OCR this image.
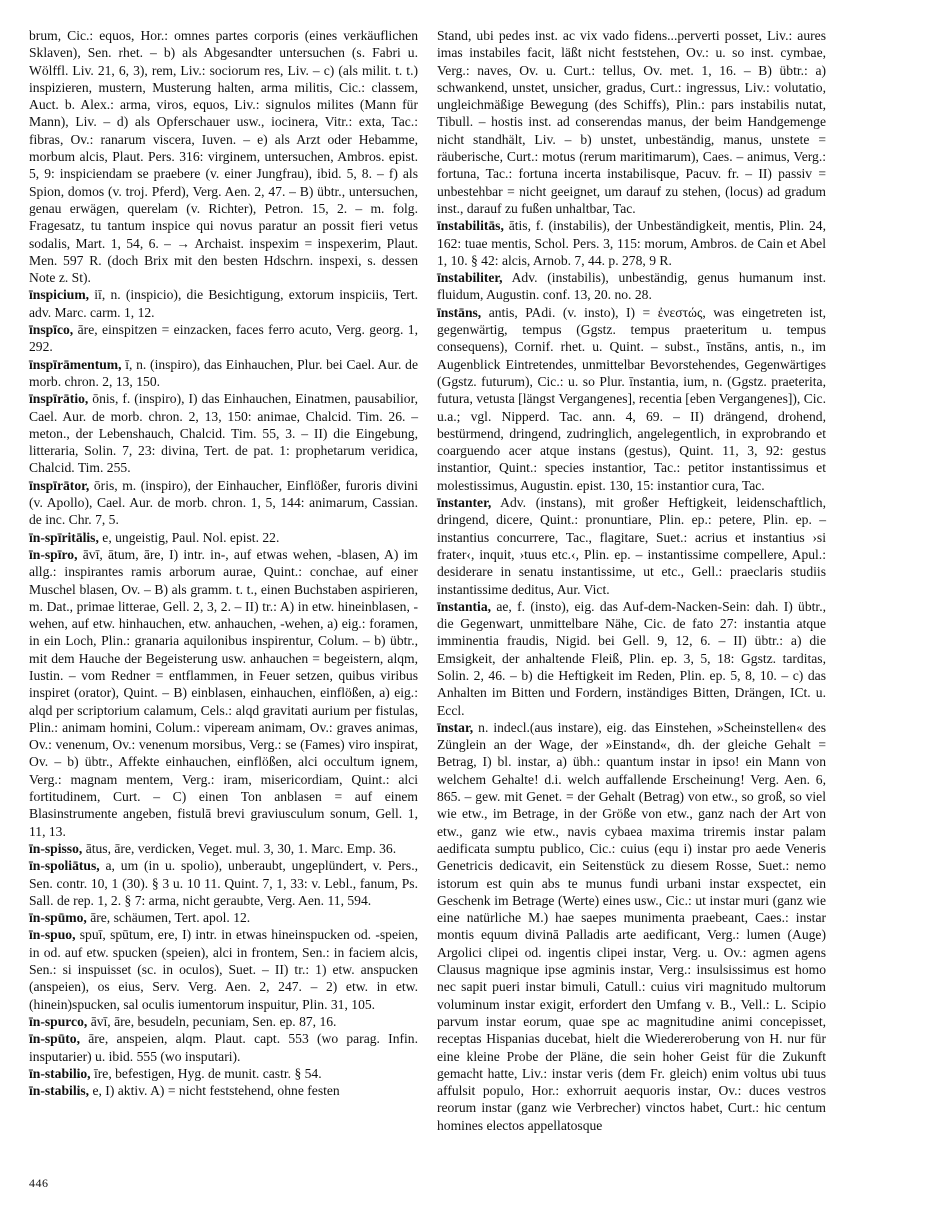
brum, Cic.: equos, Hor.: omnes partes corporis (eines verkäuflichen Sklaven), Sen. rhet. – b) als Abgesandter untersuchen (s. Fabri u. Wölffl. Liv. 21, 6, 3), rem, Liv.: sociorum res, Liv. – c) (als milit. t. t.) inspizieren, mustern, Musterung halten, arma militis, Cic.: classem, Auct. b. Alex.: arma, viros, equos, Liv.: signulos milites (Mann für Mann), Liv. – d) als Opferschauer usw., iocinera, Vitr.: exta, Tac.: fibras, Ov.: ranarum viscera, Iuven. – e) als Arzt oder Hebamme, morbum alcis, Plaut. Pers. 316: virginem, untersuchen, Ambros. epist. 5, 9: inspiciendam se praebere (v. einer Jungfrau), ibid. 5, 8. – f) als Spion, domos (v. troj. Pferd), Verg. Aen. 2, 47. – B) übtr., untersuchen, genau erwägen, querelam (v. Richter), Petron. 15, 2. – m. folg. Fragesatz, tu tantum inspice qui novus paratur an possit fieri vetus sodalis, Mart. 1, 54, 6. – → Archaist. inspexim = inspexerim, Plaut. Men. 597 R. (doch Brix mit den besten Hdschrn. inspexi, s. dessen Note z. St).

īnspicium, iī, n. (inspicio), die Besichtigung, extorum inspiciis, Tert. adv. Marc. carm. 1, 12.

īnspīco, āre, einspitzen = einzacken, faces ferro acuto, Verg. georg. 1, 292.

īnspīrāmentum, ī, n. (inspiro), das Einhauchen, Plur. bei Cael. Aur. de morb. chron. 2, 13, 150.

īnspīrātio, ōnis, f. (inspiro), I) das Einhauchen, Einatmen, pausabilior, Cael. Aur. de morb. chron. 2, 13, 150: animae, Chalcid. Tim. 26. – meton., der Lebenshauch, Chalcid. Tim. 55, 3. – II) die Eingebung, litteraria, Solin. 7, 23: divina, Tert. de pat. 1: prophetarum veridica, Chalcid. Tim. 255.

īnspīrātor, ōris, m. (inspiro), der Einhaucher, Einflößer, furoris divini (v. Apollo), Cael. Aur. de morb. chron. 1, 5, 144: animarum, Cassian. de inc. Chr. 7, 5.

īn-spīritālis, e, ungeistig, Paul. Nol. epist. 22.

īn-spīro, āvī, ātum, āre, I) intr. in-, auf etwas wehen, -blasen, A) im allg.: inspirantes ramis arborum aurae, Quint.: conchae, auf einer Muschel blasen, Ov. – B) als gramm. t. t., einen Buchstaben aspirieren, m. Dat., primae litterae, Gell. 2, 3, 2. – II) tr.: A) in etw. hineinblasen, -wehen, auf etw. hinhauchen, etw. anhauchen, -wehen, a) eig.: foramen, in ein Loch, Plin.: granaria aquilonibus inspirentur, Colum. – b) übtr., mit dem Hauche der Begeisterung usw. anhauchen = begeistern, alqm, Iustin. – vom Redner = entflammen, in Feuer setzen, quibus viribus inspiret (orator), Quint. – B) einblasen, einhauchen, einflößen, a) eig.: alqd per scriptorium calamum, Cels.: alqd gravitati aurium per fistulas, Plin.: animam homini, Colum.: vipeream animam, Ov.: graves animas, Ov.: venenum, Ov.: venenum morsibus, Verg.: se (Fames) viro inspirat, Ov. – b) übtr., Affekte einhauchen, einflößen, alci occultum ignem, Verg.: magnam mentem, Verg.: iram, misericordiam, Quint.: alci fortitudinem, Curt. – C) einen Ton anblasen = auf einem Blasinstrumente angeben, fistulā brevi graviusculum sonum, Gell. 1, 11, 13.

īn-spisso, ātus, āre, verdicken, Veget. mul. 3, 30, 1. Marc. Emp. 36.

īn-spoliātus, a, um (in u. spolio), unberaubt, ungeplündert, v. Pers., Sen. contr. 10, 1 (30). § 3 u. 10 11. Quint. 7, 1, 33: v. Lebl., fanum, Ps. Sall. de rep. 1, 2. § 7: arma, nicht geraubte, Verg. Aen. 11, 594.

īn-spūmo, āre, schäumen, Tert. apol. 12.

īn-spuo, spuī, spūtum, ere, I) intr. in etwas hineinspucken od. -speien, in od. auf etw. spucken (speien), alci in frontem, Sen.: in faciem alcis, Sen.: si inspuisset (sc. in oculos), Suet. – II) tr.: 1) etw. anspucken (anspeien), os eius, Serv. Verg. Aen. 2, 247. – 2) etw. in etw. (hinein)spucken, sal oculis iumentorum inspuitur, Plin. 31, 105.

īn-spurco, āvī, āre, besudeln, pecuniam, Sen. ep. 87, 16.

īn-spūto, āre, anspeien, alqm. Plaut. capt. 553 (wo parag. Infin. insputarier) u. ibid. 555 (wo insputari).

īn-stabilio, īre, befestigen, Hyg. de munit. castr. § 54.

īn-stabilis, e, I) aktiv. A) = nicht feststehend, ohne festen

Stand, ubi pedes inst. ac vix vado fidens...perverti posset, Liv.: aures imas instabiles facit, läßt nicht feststehen, Ov.: u. so inst. cymbae, Verg.: naves, Ov. u. Curt.: tellus, Ov. met. 1, 16. – B) übtr.: a) schwankend, unstet, unsicher, gradus, Curt.: ingressus, Liv.: volutatio, ungleichmäßige Bewegung (des Schiffs), Plin.: pars instabilis nutat, Tibull. – hostis inst. ad conserendas manus, der beim Handgemenge nicht standhält, Liv. – b) unstet, unbeständig, manus, unstete = räuberische, Curt.: motus (rerum maritimarum), Caes. – animus, Verg.: fortuna, Tac.: fortuna incerta instabilisque, Pacuv. fr. – II) passiv = unbestehbar = nicht geeignet, um darauf zu stehen, (locus) ad gradum inst., darauf zu fußen unhaltbar, Tac.

īnstabilitās, ātis, f. (instabilis), der Unbeständigkeit, mentis, Plin. 24, 162: tuae mentis, Schol. Pers. 3, 115: morum, Ambros. de Cain et Abel 1, 10. § 42: alcis, Arnob. 7, 44. p. 278, 9 R.

īnstabiliter, Adv. (instabilis), unbeständig, genus humanum inst. fluidum, Augustin. conf. 13, 20. no. 28.

īnstāns, antis, PAdi. (v. insto), I) = ἐνεστώς, was eingetreten ist, gegenwärtig, tempus (Ggstz. tempus praeteritum u. tempus consequens), Cornif. rhet. u. Quint. – subst., īnstāns, antis, n., im Augenblick Eintretendes, unmittelbar Bevorstehendes, Gegenwärtiges (Ggstz. futurum), Cic.: u. so Plur. īnstantia, ium, n. (Ggstz. praeterita, futura, vetusta [längst Vergangenes], recentia [eben Vergangenes]), Cic. u.a.; vgl. Nipperd. Tac. ann. 4, 69. – II) drängend, drohend, bestürmend, dringend, zudringlich, angelegentlich, in exprobrando et coarguendo acer atque instans (gestus), Quint. 11, 3, 92: gestus instantior, Quint.: species instantior, Tac.: petitor instantissimus et molestissimus, Augustin. epist. 130, 15: instantior cura, Tac.

īnstanter, Adv. (instans), mit großer Heftigkeit, leidenschaftlich, dringend, dicere, Quint.: pronuntiare, Plin. ep.: petere, Plin. ep. – instantius concurrere, Tac., flagitare, Suet.: acrius et instantius ›si frater‹, inquit, ›tuus etc.‹, Plin. ep. – instantissime compellere, Apul.: desiderare in senatu instantissime, ut etc., Gell.: praeclaris studiis instantissime deditus, Aur. Vict.

īnstantia, ae, f. (insto), eig. das Auf-dem-Nacken-Sein: dah. I) übtr., die Gegenwart, unmittelbare Nähe, Cic. de fato 27: instantia atque imminentia fraudis, Nigid. bei Gell. 9, 12, 6. – II) übtr.: a) die Emsigkeit, der anhaltende Fleiß, Plin. ep. 3, 5, 18: Ggstz. tarditas, Solin. 2, 46. – b) die Heftigkeit im Reden, Plin. ep. 5, 8, 10. – c) das Anhalten im Bitten und Fordern, inständiges Bitten, Drängen, ICt. u. Eccl.

īnstar, n. indecl.(aus instare), eig. das Einstehen, »Scheinstellen« des Zünglein an der Wage, der »Einstand«, dh. der gleiche Gehalt = Betrag, I) bl. instar, a) übh.: quantum instar in ipso! ein Mann von welchem Gehalte! d.i. welch auffallende Erscheinung! Verg. Aen. 6, 865. – gew. mit Genet. = der Gehalt (Betrag) von etw., so groß, so viel wie etw., im Betrage, in der Größe von etw., ganz nach der Art von etw., ganz wie etw., navis cybaea maxima triremis instar palam aedificata sumptu publico, Cic.: cuius (equ i) instar pro aede Veneris Genetricis dedicavit, ein Seitenstück zu diesem Rosse, Suet.: nemo istorum est quin abs te munus fundi urbani instar exspectet, ein Geschenk im Betrage (Werte) eines usw., Cic.: ut instar muri (ganz wie eine natürliche M.) hae saepes munimenta praebeant, Caes.: instar montis equum divinā Palladis arte aedificant, Verg.: lumen (Auge) Argolici clipei od. ingentis clipei instar, Verg. u. Ov.: agmen agens Clausus magnique ipse agminis instar, Verg.: insulsissimus est homo nec sapit pueri instar bimuli, Catull.: cuius viri magnitudo multorum voluminum instar exigit, erfordert den Umfang v. B., Vell.: L. Scipio parvum instar eorum, quae spe ac magnitudine animi concepisset, receptas Hispanias ducebat, hielt die Wiedereroberung von H. nur für eine kleine Probe der Pläne, die sein hoher Geist für die Zukunft gemacht hatte, Liv.: instar veris (dem Fr. gleich) enim voltus ubi tuus affulsit populo, Hor.: exhorruit aequoris instar, Ov.: duces vestros reorum instar (ganz wie Verbrecher) vinctos habet, Curt.: hic centum homines electos appellatosque

446
